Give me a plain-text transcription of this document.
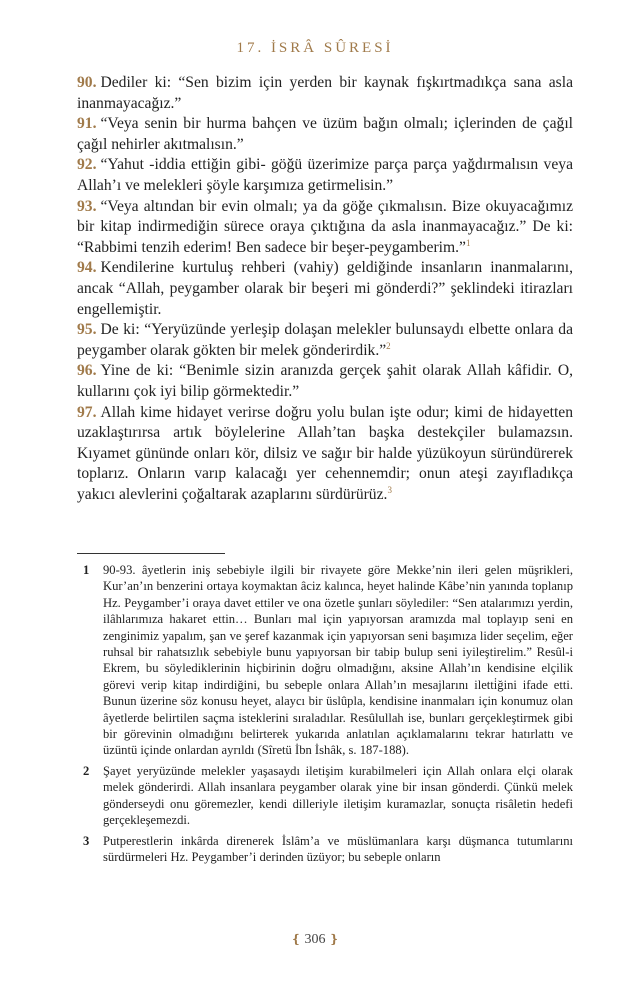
17. İSRÂ SÛRESİ

90. Dediler ki: “Sen bizim için yerden bir kaynak fışkırtmadıkça sana asla inanmayacağız.”

91. “Veya senin bir hurma bahçen ve üzüm bağın olmalı; içlerinden de çağıl çağıl nehirler akıtmalısın.”

92. “Yahut -iddia ettiğin gibi- göğü üzerimize parça parça yağdırmalısın veya Allah’ı ve melekleri şöyle karşımıza getirmelisin.”

93. “Veya altından bir evin olmalı; ya da göğe çıkmalısın. Bize okuyacağımız bir kitap indirmediğin sürece oraya çıktığına da asla inanmayacağız.” De ki: “Rabbimi tenzih ederim! Ben sadece bir beşer-peygamberim.”$^1$

94. Kendilerine kurtuluş rehberi (vahiy) geldiğinde insanların inanmalarını, ancak “Allah, peygamber olarak bir beşeri mi gönderdi?” şeklindeki itirazları engellemiştir.

95. De ki: “Yeryüzünde yerleşip dolaşan melekler bulunsaydı elbette onlara da peygamber olarak gökten bir melek gönderirdik.”$^2$

96. Yine de ki: “Benimle sizin aranızda gerçek şahit olarak Allah kâfidir. O, kullarını çok iyi bilip görmektedir.”

97. Allah kime hidayet verirse doğru yolu bulan işte odur; kimi de hidayetten uzaklaştırırsa artık böylelerine Allah’tan başka destekçiler bulamazsın. Kıyamet gününde onları kör, dilsiz ve sağır bir halde yüzükoyun süründürerek toplarız. Onların varıp kalacağı yer cehennemdir; onun ateşi zayıfladıkça yakıcı alevlerini çoğaltarak azaplarını sürdürürüz.$^3$

1	90-93. âyetlerin iniş sebebiyle ilgili bir rivayete göre Mekke’nin ileri gelen müşrikleri, Kur’an’ın benzerini ortaya koymaktan âciz kalınca, heyet halinde Kâbe’nin yanında toplanıp Hz. Peygamber’i oraya davet ettiler ve ona özetle şunları söylediler: “Sen atalarımızı yerdin, ilâhlarımıza hakaret ettin… Bunları mal için yapıyorsan aramızda mal toplayıp seni en zenginimiz yapalım, şan ve şeref kazanmak için yapıyorsan seni başımıza lider seçelim, eğer ruhsal bir rahatsızlık sebebiyle bunu yapıyorsan bir tabip bulup seni iyileştirelim.” Resûl-i Ekrem, bu söylediklerinin hiçbirinin doğru olmadığını, aksine Allah’ın kendisine elçilik görevi verip kitap indirdiğini, bu sebeple onlara Allah’ın mesajlarını iletti̇ğini ifade etti. Bunun üzerine söz konusu heyet, alaycı bir üslûpla, kendisine inanmaları için konumuz olan âyetlerde belirtilen saçma isteklerini sıraladılar. Resûlullah ise, bunları gerçekleştirmek gibi bir görevinin olmadığını belirterek yukarıda anlatılan açıklamalarını tekrar hatırlattı ve üzüntü içinde onlardan ayrıldı (Sîretü İbn İshâk, s. 187-188).
2	Şayet yeryüzünde melekler yaşasaydı iletişim kurabilmeleri için Allah onlara elçi olarak melek gönderirdi. Allah insanlara peygamber olarak yine bir insan gönderdi. Çünkü melek gönderseydi onu göremezler, kendi dilleriyle iletişim kuramazlar, sonuçta risâletin hedefi gerçekleşemezdi.
3	Putperestlerin inkârda direnerek İslâm’a ve müslümanlara karşı düşmanca tutumlarını sürdürmeleri Hz. Peygamber’i derinden üzüyor; bu sebeple onların
❴ 306 ❵
